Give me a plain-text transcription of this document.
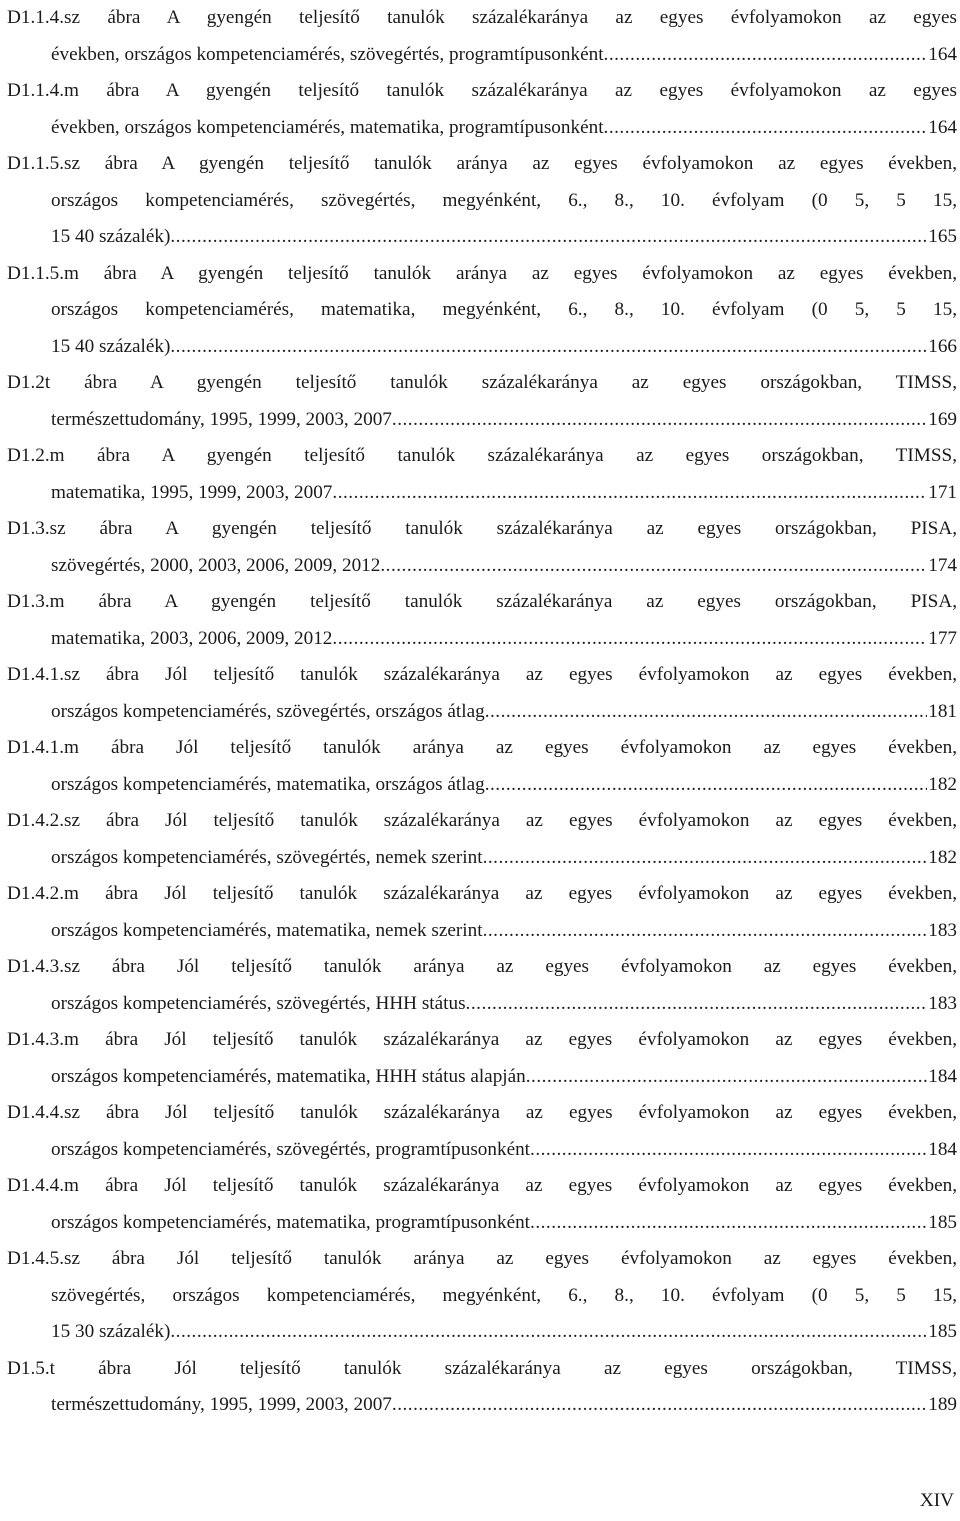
D1.1.4.sz ábra A gyengén teljesítő tanulók százalékaránya az egyes évfolyamokon az egyes
években, országos kompetenciamérés, szövegértés, programtípusonként .....	164
D1.1.4.m ábra A gyengén teljesítő tanulók százalékaránya az egyes évfolyamokon az egyes
években, országos kompetenciamérés, matematika, programtípusonként .....	164
D1.1.5.sz ábra A gyengén teljesítő tanulók aránya az egyes évfolyamokon az egyes években,
országos kompetenciamérés, szövegértés, megyénként, 6., 8., 10. évfolyam (0 5, 5 15,
15 40 százalék) .....	165
D1.1.5.m ábra A gyengén teljesítő tanulók aránya az egyes évfolyamokon az egyes években,
országos kompetenciamérés, matematika, megyénként, 6., 8., 10. évfolyam (0 5, 5 15,
15 40 százalék) .....	166
D1.2t ábra A gyengén teljesítő tanulók százalékaránya az egyes országokban, TIMSS,
természettudomány, 1995, 1999, 2003, 2007 .....	169
D1.2.m ábra A gyengén teljesítő tanulók százalékaránya az egyes országokban, TIMSS,
matematika, 1995, 1999, 2003, 2007 .....	171
D1.3.sz ábra A gyengén teljesítő tanulók százalékaránya az egyes országokban, PISA,
szövegértés, 2000, 2003, 2006, 2009, 2012 .....	174
D1.3.m ábra A gyengén teljesítő tanulók százalékaránya az egyes országokban, PISA,
matematika, 2003, 2006, 2009, 2012 .....	177
D1.4.1.sz ábra Jól teljesítő tanulók százalékaránya az egyes évfolyamokon az egyes években,
országos kompetenciamérés, szövegértés, országos átlag .....	181
D1.4.1.m ábra Jól teljesítő tanulók aránya az egyes évfolyamokon az egyes években,
országos kompetenciamérés, matematika, országos átlag .....	182
D1.4.2.sz ábra Jól teljesítő tanulók százalékaránya az egyes évfolyamokon az egyes években,
országos kompetenciamérés, szövegértés, nemek szerint .....	182
D1.4.2.m ábra Jól teljesítő tanulók százalékaránya az egyes évfolyamokon az egyes években,
országos kompetenciamérés, matematika, nemek szerint .....	183
D1.4.3.sz ábra Jól teljesítő tanulók aránya az egyes évfolyamokon az egyes években,
országos kompetenciamérés, szövegértés, HHH státus .....	183
D1.4.3.m ábra Jól teljesítő tanulók százalékaránya az egyes évfolyamokon az egyes években,
országos kompetenciamérés, matematika, HHH státus alapján .....	184
D1.4.4.sz ábra Jól teljesítő tanulók százalékaránya az egyes évfolyamokon az egyes években,
országos kompetenciamérés, szövegértés, programtípusonként .....	184
D1.4.4.m ábra Jól teljesítő tanulók százalékaránya az egyes évfolyamokon az egyes években,
országos kompetenciamérés, matematika, programtípusonként .....	185
D1.4.5.sz ábra Jól teljesítő tanulók aránya az egyes évfolyamokon az egyes években,
szövegértés, országos kompetenciamérés, megyénként, 6., 8., 10. évfolyam (0 5, 5 15,
15 30 százalék) .....	185
D1.5.t ábra Jól teljesítő tanulók százalékaránya az egyes országokban, TIMSS,
természettudomány, 1995, 1999, 2003, 2007 .....	189
XIV
